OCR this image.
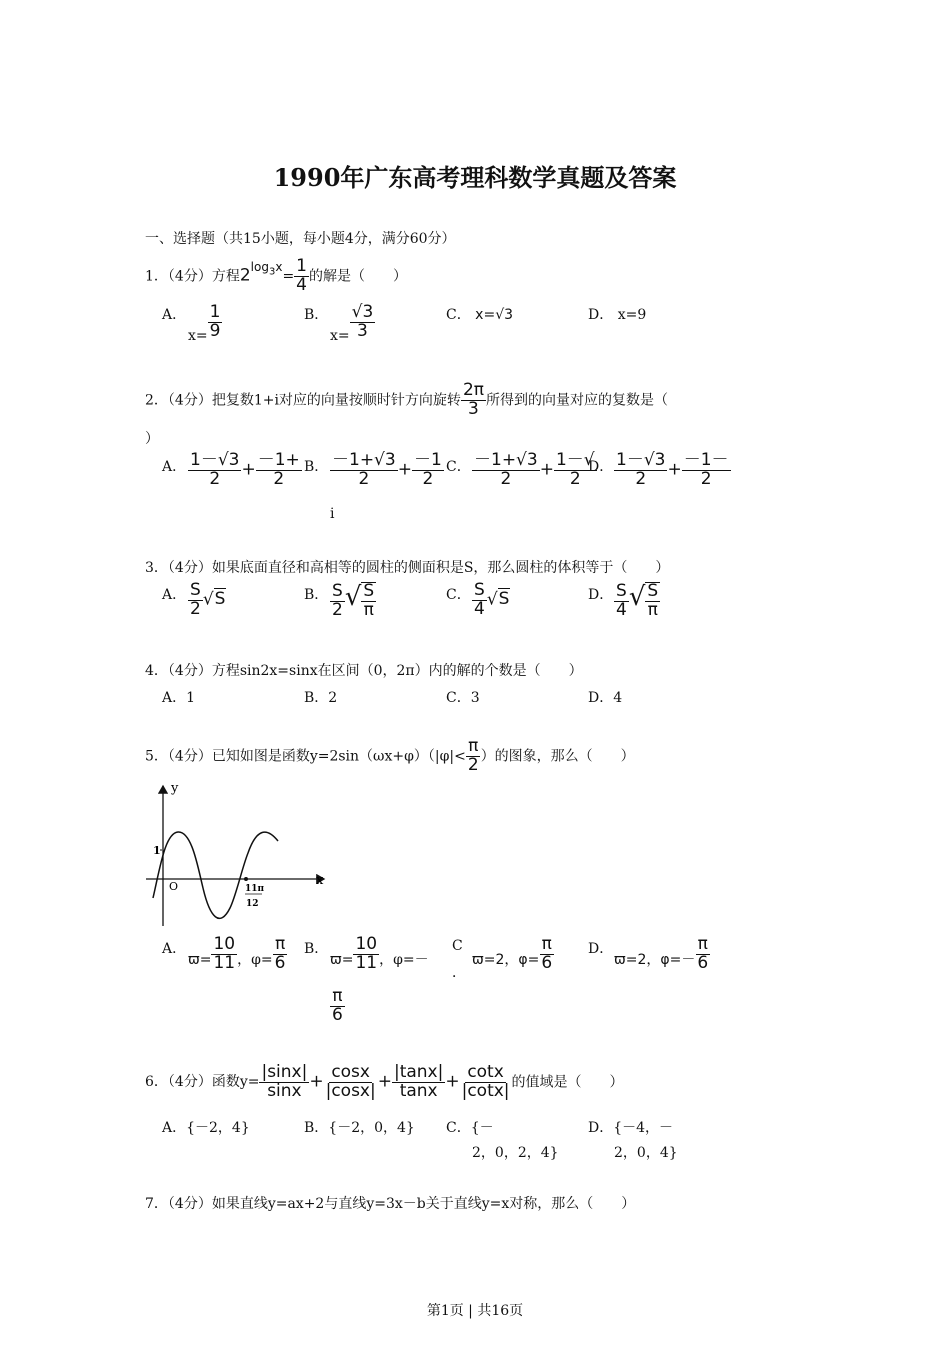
1990年广东高考理科数学真题及答案
一、选择题（共15小题，每小题4分，满分60分）
1．（4分）方程$2^{log_3x}= \frac{1}{4}$ 的解是（　　）
A．
$x= \frac{1}{9}$	B．
$x= \frac{√3}{3}$	C． x=√3	D． x=9
2．（4分）把复数1+i对应的向量按顺时针方向旋转 $\frac{2\pi}{3}$ 所得到的向量对应的复数是（
）
A． $\frac{1-√3}{2} + \frac{-1+}{2}$ B． $\frac{-1+√3}{2} + \frac{-1}{2}$
i
C． $\frac{-1+√3}{2} + \frac{1-√}{2}$
D． $\frac{1-√3}{2} + \frac{-1-}{2}$
3．（4分）如果底面直径和高相等的圆柱的侧面积是S，那么圆柱的体积等于（　　）
A． $\frac{S}{2} √S$	B． $\frac{S}{2}$ √ $\frac{S}{\pi}$	C． $\frac{S}{4} √S$	D． $\frac{S}{4}$ √ $\frac{S}{\pi}$
4．（4分）方程sin2x=sinx在区间（0，2π）内的解的个数是（　　）
A．1	B．2	C．3	D．4
5．（4分）已知如图是函数$y=2\sin(\omega x+\varphi)(|\varphi|< \frac{\pi}{2}$ ）的图象，那么（　　）
y
x
1
O	11π
12
A．
$ϖ= \frac{10}{11}$ ，$\varphi= \frac{\pi}{6}$ B．
$ϖ= \frac{10}{11}$ ，φ=－
$\frac{\pi}{6}$
C
．
ϖ=2，$\varphi= \frac{\pi}{6}$ D．
ϖ=2，$\varphi=- \frac{\pi}{6}$
6．（4分）函数$y= \frac{|\sin x|}{\sin x} + \frac{\cos x}{|\cos x|} + \frac{|\tan x|}{\tan x} + \frac{\cot x}{|\cot x|}$ 的值域是（　　）
A．{－2，4}	B．{－2，0，4} C．{－
2，0，2，4}
D．{－4，－
2，0，4}
7．（4分）如果直线y=ax+2与直线y=3x－b关于直线y=x对称，那么（　　）
第1页 | 共16页
